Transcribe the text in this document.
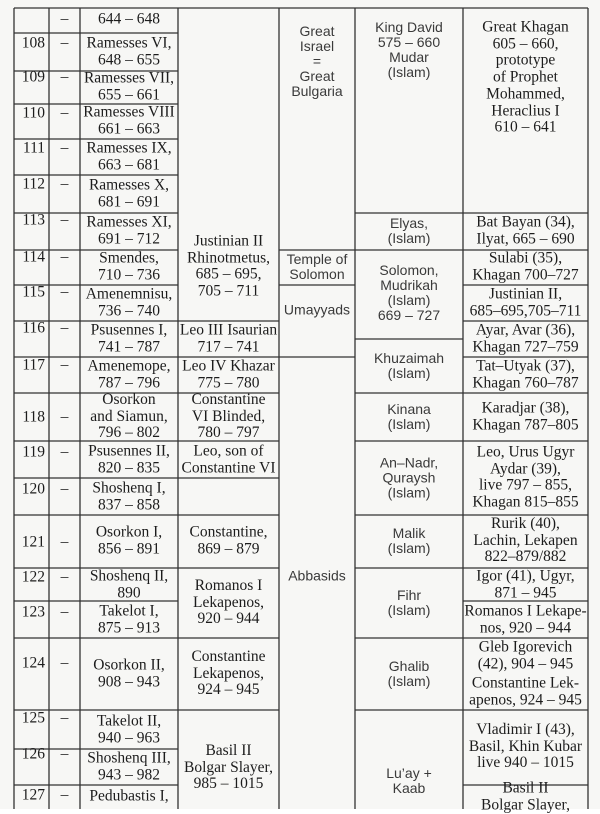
108
109
110
111
112
113
114
115
116
117
118
119
120
121
122
123
124
125
126
127
–
–
–
–
–
–
–
–
–
–
–
–
–
–
–
–
–
–
–
–
–
644 – 648
Ramesses VI,
648 – 655
Ramesses VII,
655 – 661
Ramesses VIII
661 – 663
Ramesses IX,
663 – 681
Ramesses X,
681 – 691
Ramesses XI,
691 – 712
Smendes,
710 – 736
Amenemnisu,
736 – 740
Psusennes I,
741 – 787
Amenemope,
787 – 796
Osorkon
and Siamun,
796 – 802
Psusennes II,
820 – 835
Shoshenq I,
837 – 858
Osorkon I,
856 – 891
Shoshenq II,
890
Takelot I,
875 – 913
Osorkon II,
908 – 943
Takelot II,
940 – 963
Shoshenq III,
943 – 982
Pedubastis I,
Justinian II
Rhinotmetus,
685 – 695,
705 – 711
Leo III Isaurian
717 – 741
Leo IV Khazar
775 – 780
Constantine
VI Blinded,
780 – 797
Leo, son of
Constantine VI
Constantine,
869 – 879
Romanos I
Lekapenos,
920 – 944
Constantine
Lekapenos,
924 – 945
Basil II
Bolgar Slayer,
985 – 1015
Great
Israel
=
Great
Bulgaria
Temple of
Solomon
Umayyads
Abbasids
King David
575 – 660
Mudar
(Islam)
Elyas,
(Islam)
Solomon,
Mudrikah
(Islam)
669 – 727
Khuzaimah
(Islam)
Kinana
(Islam)
An–Nadr,
Quraysh
(Islam)
Malik
(Islam)
Fihr
(Islam)
Ghalib
(Islam)
Lu’ay +
Kaab
Great Khagan
605 – 660,
prototype
of Prophet
Mohammed,
Heraclius I
610 – 641
Bat Bayan (34),
Ilyat, 665 – 690
Sulabi (35),
Khagan 700–727
Justinian II,
685–695,705–711
Ayar, Avar (36),
Khagan 727–759
Tat–Utyak (37),
Khagan 760–787
Karadjar (38),
Khagan 787–805
Leo, Urus Ugyr
Aydar (39),
live 797 – 855,
Khagan 815–855
Rurik (40),
Lachin, Lekapen
822–879/882
Igor (41), Ugyr,
871 – 945
Romanos I Lekape-
nos, 920 – 944
Gleb Igorevich
(42), 904 – 945
Constantine Lek-
apenos, 924 – 945
Vladimir I (43),
Basil, Khin Kubar
live 940 – 1015
Basil II
Bolgar Slayer,
